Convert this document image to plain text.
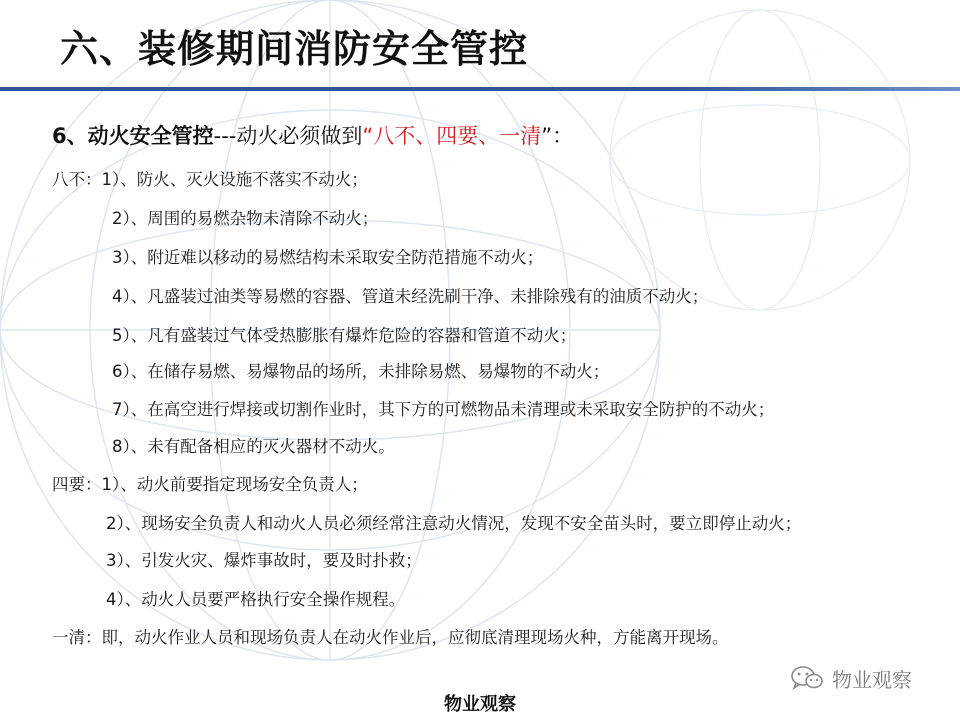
六、装修期间消防安全管控
6、动火安全管控---动火必须做到“八不、四要、一清”：
八不：1）、防火、灭火设施不落实不动火；
2）、周围的易燃杂物未清除不动火；
3）、附近难以移动的易燃结构未采取安全防范措施不动火；
4）、凡盛装过油类等易燃的容器、管道未经洗刷干净、未排除残有的油质不动火；
5）、凡有盛装过气体受热膨胀有爆炸危险的容器和管道不动火；
6）、在储存易燃、易爆物品的场所，未排除易燃、易爆物的不动火；
7）、在高空进行焊接或切割作业时，其下方的可燃物品未清理或未采取安全防护的不动火；
8）、未有配备相应的灭火器材不动火。
四要：1）、动火前要指定现场安全负责人；
2）、现场安全负责人和动火人员必须经常注意动火情况，发现不安全苗头时，要立即停止动火；
3）、引发火灾、爆炸事故时，要及时扑救；
4）、动火人员要严格执行安全操作规程。
一清：即，动火作业人员和现场负责人在动火作业后，应彻底清理现场火种，方能离开现场。
物业观察
物业观察
